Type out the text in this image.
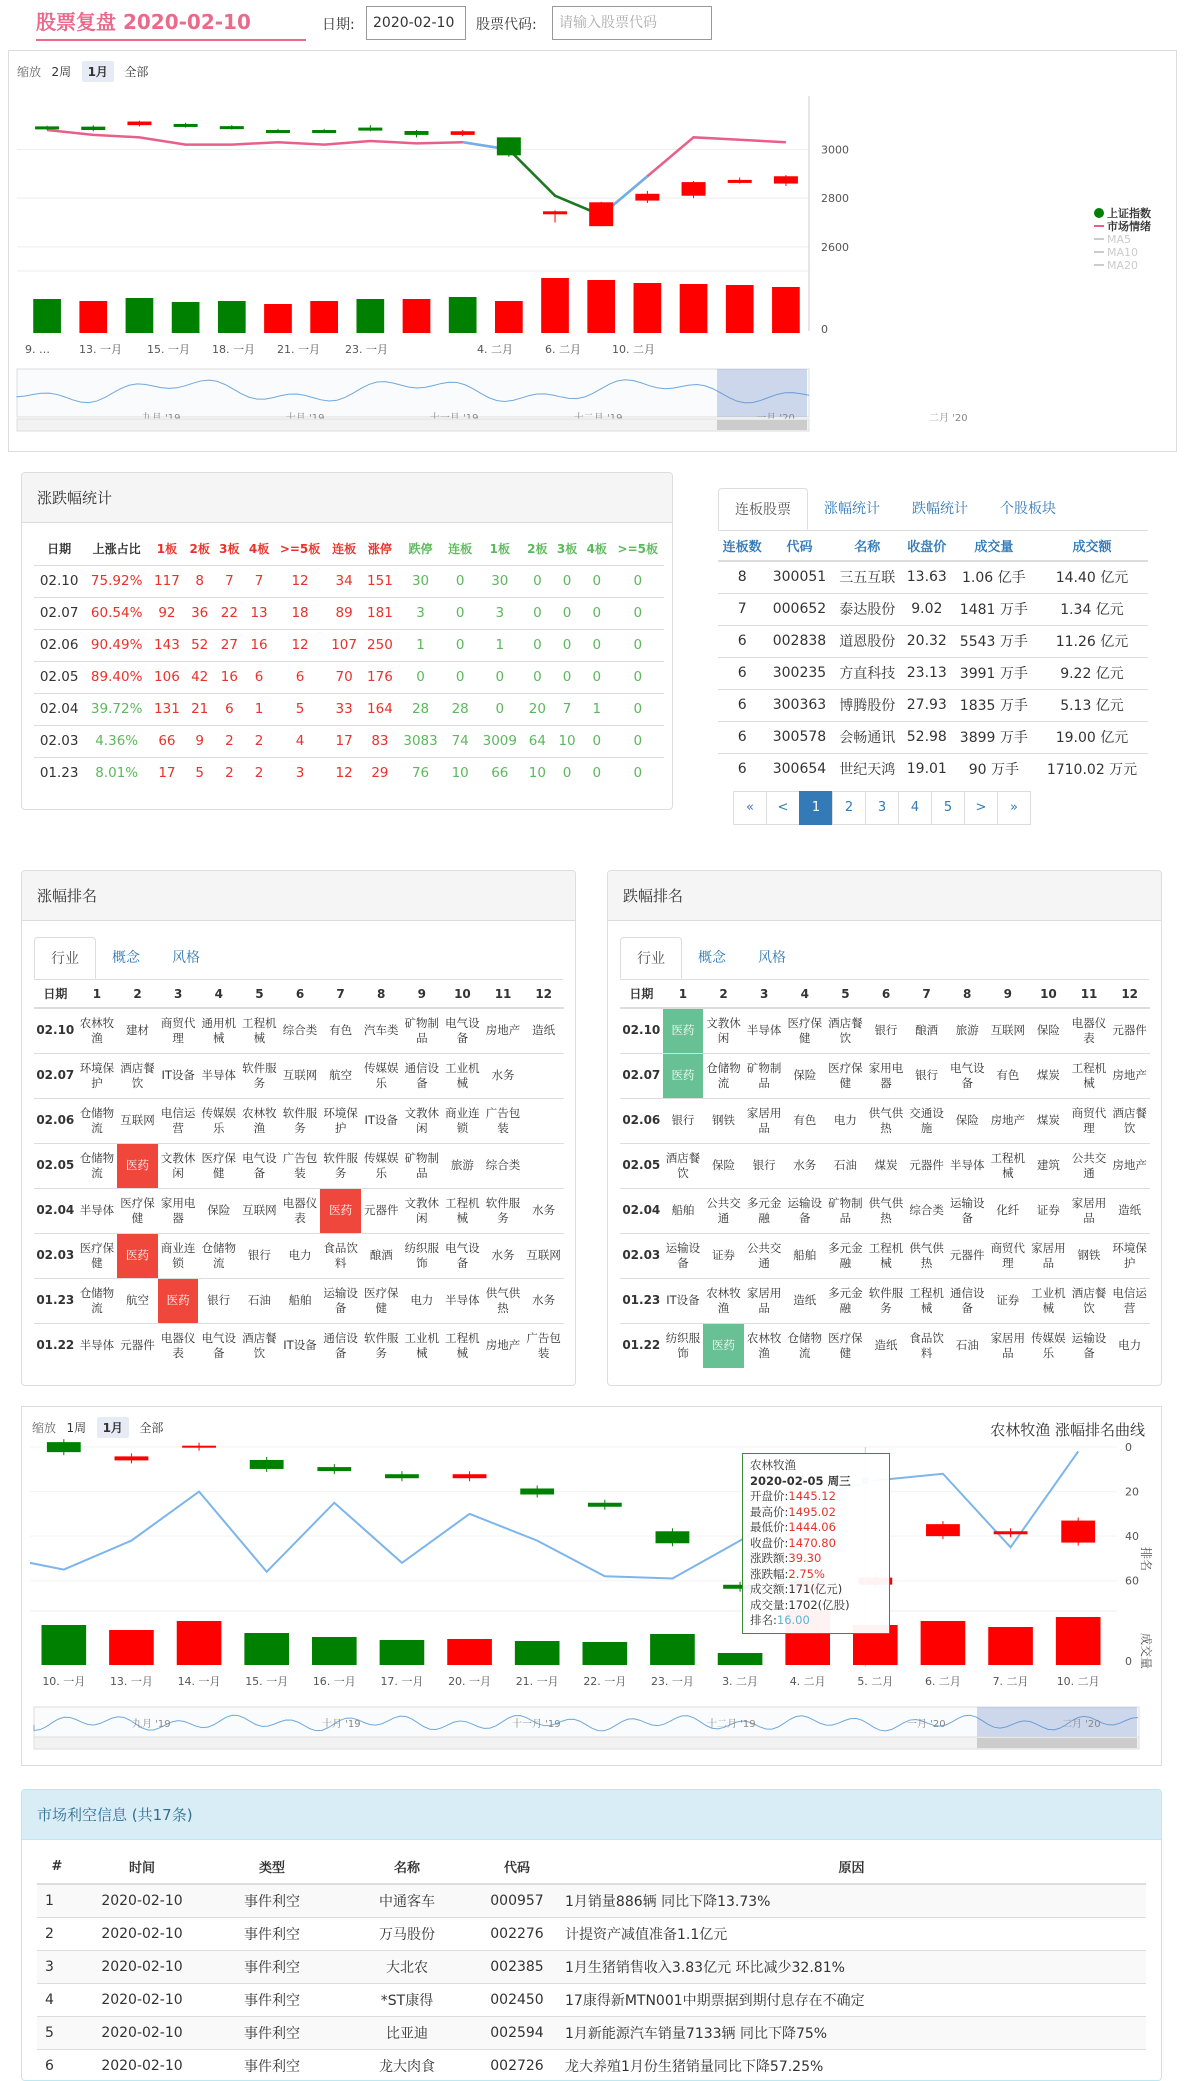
股票复盘 2020-02-10	日期:	2020-02-10	股票代码:	请输入股票代码
缩放 2周 1月 全部
3000
2800
2600
0
9. …	13. 一月 15. 一月 18. 一月 21. 一月 23. 一月	4. 二月	6. 二月	10. 二月
二月 '20
上证指数
市场情绪
MA5
MA10
MA20
涨跌幅统计
日期	上涨占比	1板	2板	3板	4板	>=5板	连板	涨停	跌停	连板	1板	2板	3板	4板	>=5板
02.10	75.92%	117	8	7	7	12	34	151	30	0	30	0	0	0	0
02.07	60.54%	92	36	22	13	18	89	181	3	0	3	0	0	0	0
02.06	90.49%	143	52	27	16	12	107	250	1	0	1	0	0	0	0
02.05	89.40%	106	42	16	6	6	70	176	0	0	0	0	0	0	0
02.04	39.72%	131	21	6	1	5	33	164	28	28	0	20	7	1	0
02.03	4.36%	66	9	2	2	4	17	83	3083	74	3009	64	10	0	0
01.23	8.01%	17	5	2	2	3	12	29	76	10	66	10	0	0	0
连板股票	涨幅统计	跌幅统计	个股板块
连板数	代码	名称	收盘价	成交量	成交额
8	300051	三五互联	13.63	1.06 亿手	14.40 亿元
7	000652	泰达股份	9.02	1481 万手	1.34 亿元
6	002838	道恩股份	20.32	5543 万手	11.26 亿元
6	300235	方直科技	23.13	3991 万手	9.22 亿元
6	300363	博腾股份	27.93	1835 万手	5.13 亿元
6	300578	会畅通讯	52.98	3899 万手	19.00 亿元
6	300654	世纪天鸿	19.01	90 万手	1710.02 万元
«	<	1	2	3	4	5	>	»
涨幅排名
行业	概念	风格
日期	1	2	3	4	5	6	7	8	9	10	11	12
02.10	农林牧渔	建材	商贸代理	通用机械	工程机械	综合类	有色	汽车类	矿物制品	电气设备	房地产	造纸
02.07	环境保护	酒店餐饮	IT设备	半导体	软件服务	互联网	航空	传媒娱乐	通信设备	工业机械	水务	
02.06	仓储物流	互联网	电信运营	传媒娱乐	农林牧渔	软件服务	环境保护	IT设备	文教休闲	商业连锁	广告包装	
02.05	仓储物流	医药	文教休闲	医疗保健	电气设备	广告包装	软件服务	传媒娱乐	矿物制品	旅游	综合类	
02.04	半导体	医疗保健	家用电器	保险	互联网	电器仪表	医药	元器件	文教休闲	工程机械	软件服务	水务
02.03	医疗保健	医药	商业连锁	仓储物流	银行	电力	食品饮料	酿酒	纺织服饰	电气设备	水务	互联网
01.23	仓储物流	航空	医药	银行	石油	船舶	运输设备	医疗保健	电力	半导体	供气供热	水务
01.22	半导体	元器件	电器仪表	电气设备	酒店餐饮	IT设备	通信设备	软件服务	工业机械	工程机械	房地产	广告包装
跌幅排名
行业	概念	风格
日期	1	2	3	4	5	6	7	8	9	10	11	12
02.10	医药	文教休闲	半导体	医疗保健	酒店餐饮	银行	酿酒	旅游	互联网	保险	电器仪表	元器件
02.07	医药	仓储物流	矿物制品	保险	医疗保健	家用电器	银行	电气设备	有色	煤炭	工程机械	房地产
02.06	银行	钢铁	家居用品	有色	电力	供气供热	交通设施	保险	房地产	煤炭	商贸代理	酒店餐饮
02.05	酒店餐饮	保险	银行	水务	石油	煤炭	元器件	半导体	工程机械	建筑	公共交通	房地产
02.04	船舶	公共交通	多元金融	运输设备	矿物制品	供气供热	综合类	运输设备	化纤	证券	家居用品	造纸
02.03	运输设备	证券	公共交通	船舶	多元金融	工程机械	供气供热	元器件	商贸代理	家居用品	钢铁	环境保护
01.23	IT设备	农林牧渔	家居用品	造纸	多元金融	软件服务	工程机械	通信设备	证券	工业机械	酒店餐饮	电信运营
01.22	纺织服饰	医药	农林牧渔	仓储物流	医疗保健	造纸	食品饮料	石油	家居用品	传媒娱乐	运输设备	电力
缩放 1周 1月 全部	农林牧渔 涨幅排名曲线
0
20
40
60
排名
成交量
0
10. 一月 13. 一月 14. 一月 15. 一月 16. 一月 17. 一月 20. 一月 21. 一月 22. 一月 23. 一月	3. 二月	4. 二月	5. 二月	6. 二月	7. 二月	10. 二月
九月 '19	十月 '19	十一月 '19	十二月 '19	一月 '20	二月 '20
农林牧渔
2020-02-05 周三
开盘价:1445.12
最高价:1495.02
最低价:1444.06
收盘价:1470.80
涨跌额:39.30
涨跌幅:2.75%
成交额:171(亿元)
成交量:1702(亿股)
排名:16.00
市场利空信息 (共17条)
#	时间	类型	名称	代码	原因
1	2020-02-10	事件利空	中通客车	000957	1月销量886辆 同比下降13.73%
2	2020-02-10	事件利空	万马股份	002276	计提资产减值准备1.1亿元
3	2020-02-10	事件利空	大北农	002385	1月生猪销售收入3.83亿元 环比减少32.81%
4	2020-02-10	事件利空	*ST康得	002450	17康得新MTN001中期票据到期付息存在不确定
5	2020-02-10	事件利空	比亚迪	002594	1月新能源汽车销量7133辆 同比下降75%
6	2020-02-10	事件利空	龙大肉食	002726	龙大养殖1月份生猪销量同比下降57.25%
